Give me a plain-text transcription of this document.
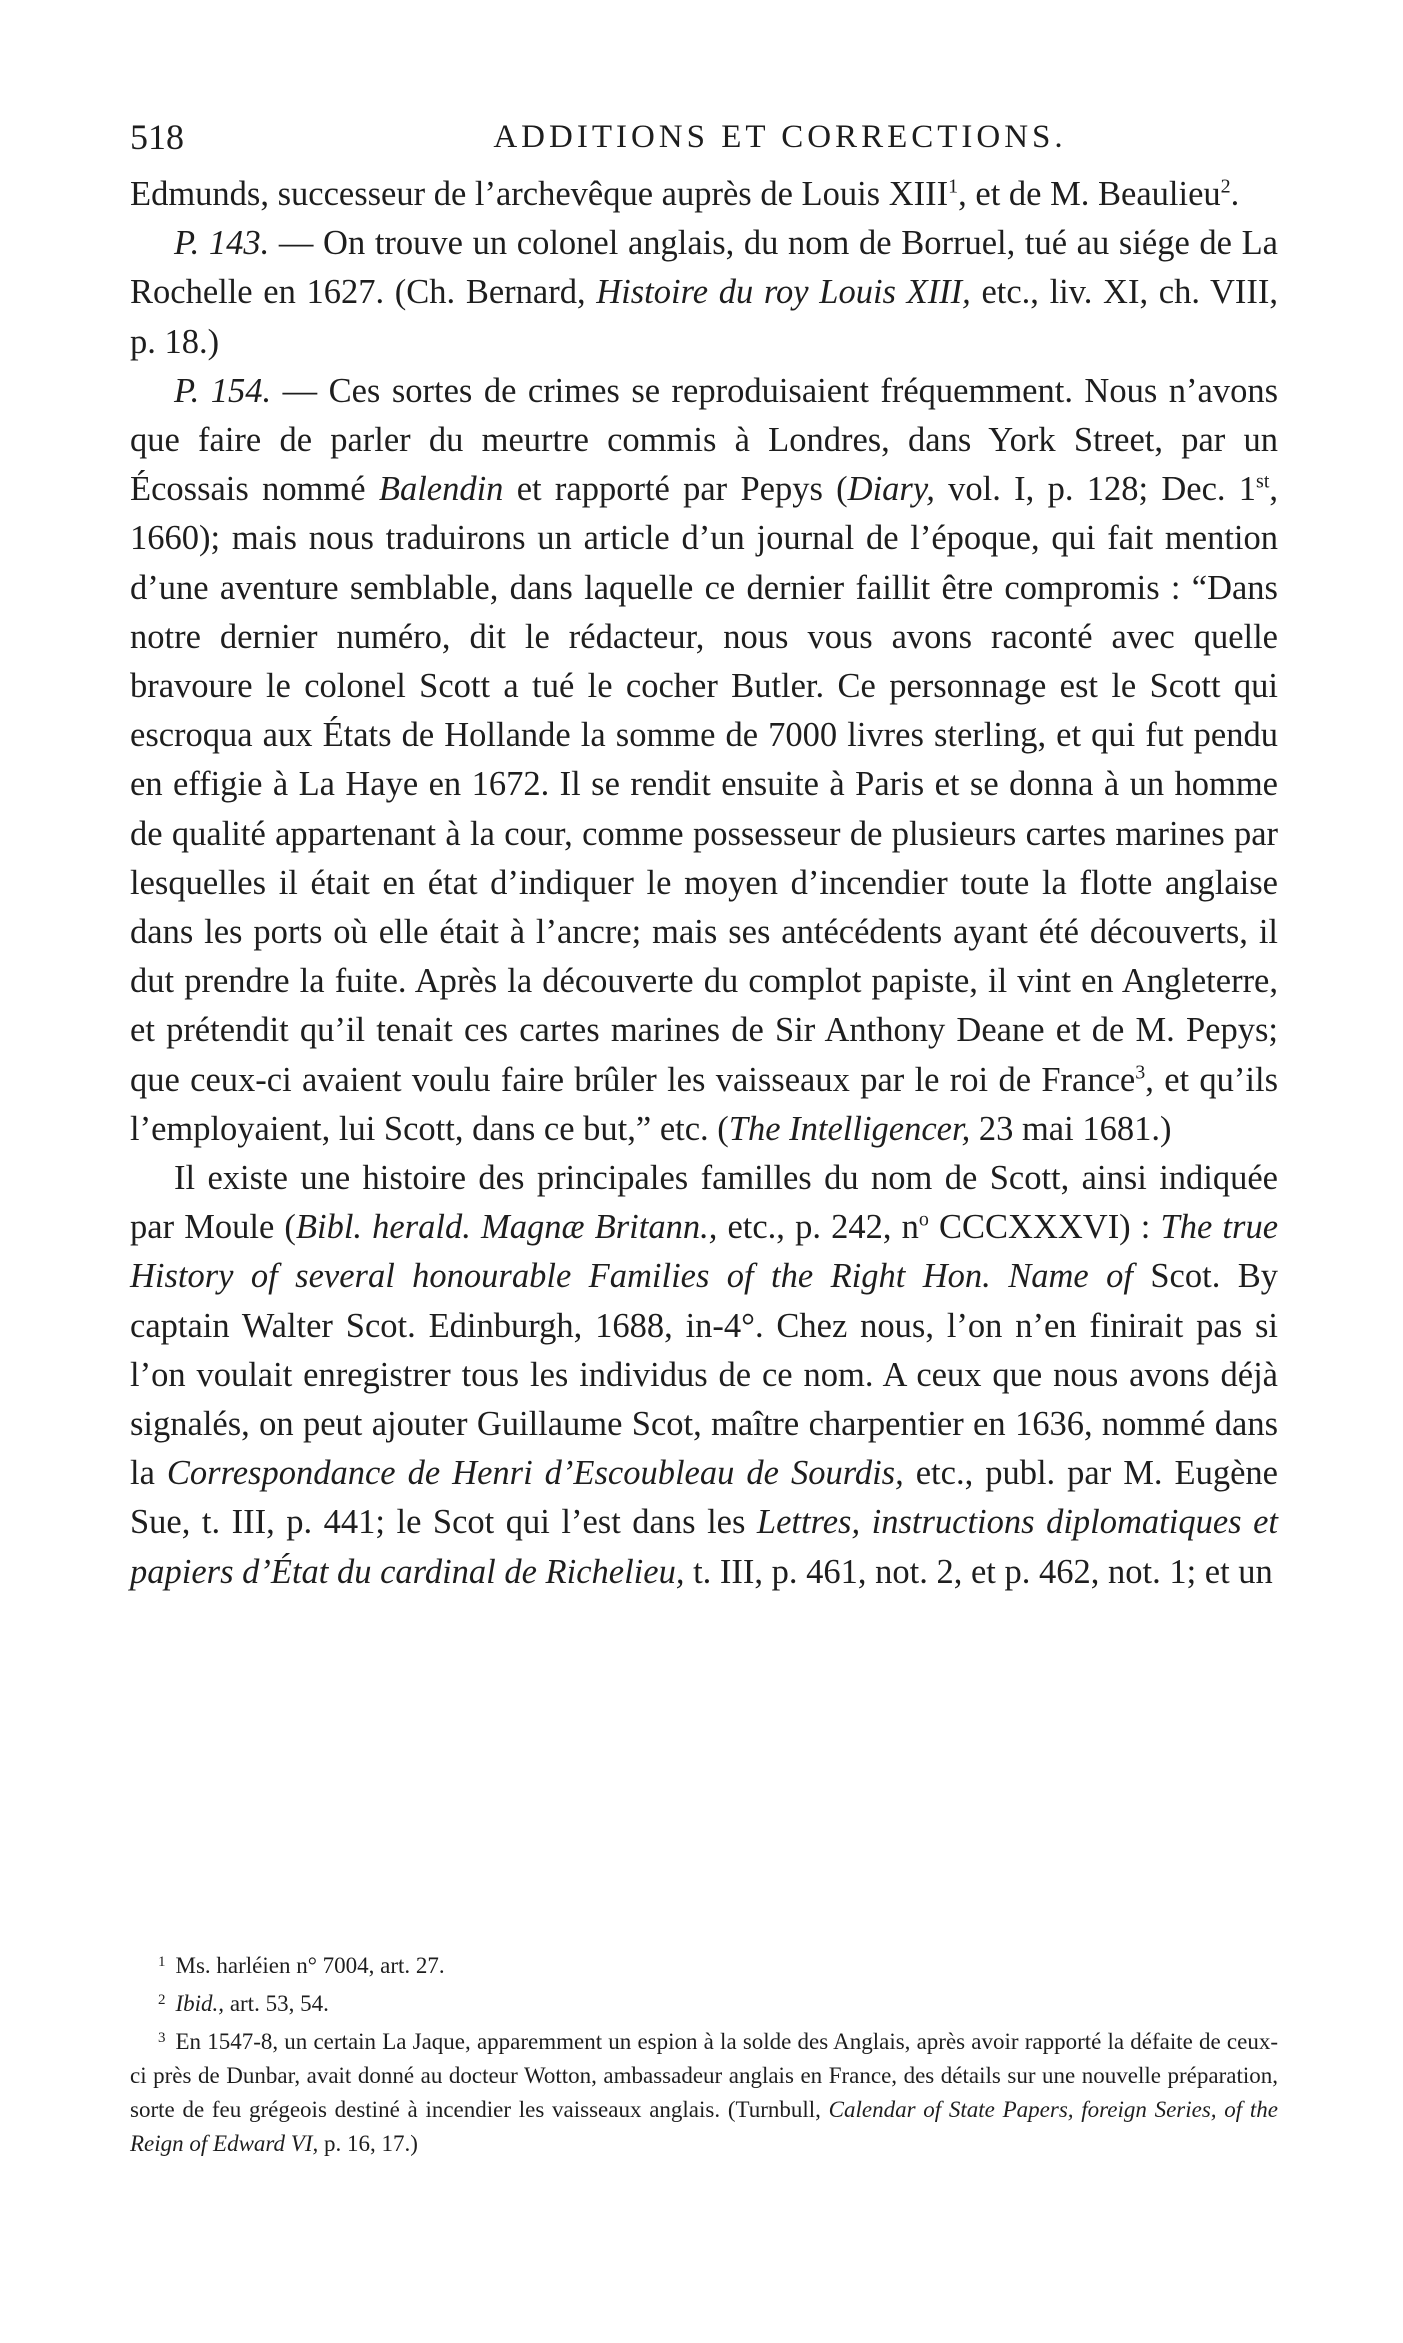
518	ADDITIONS ET CORRECTIONS.

Edmunds, successeur de l’archevêque auprès de Louis XIII$^1$, et de M. Beaulieu$^2$.

P. 143. — On trouve un colonel anglais, du nom de Borruel, tué au siége de La Rochelle en 1627. (Ch. Bernard, Histoire du roy Louis XIII, etc., liv. XI, ch. VIII, p. 18.)

P. 154. — Ces sortes de crimes se reproduisaient fréquemment. Nous n’avons que faire de parler du meurtre commis à Londres, dans York Street, par un Écossais nommé Balendin et rapporté par Pepys (Diary, vol. I, p. 128; Dec. 1st, 1660); mais nous traduirons un article d’un journal de l’époque, qui fait mention d’une aventure semblable, dans laquelle ce dernier faillit être compromis : “Dans notre dernier numéro, dit le rédacteur, nous vous avons raconté avec quelle bravoure le colonel Scott a tué le cocher Butler. Ce personnage est le Scott qui escroqua aux États de Hollande la somme de 7000 livres sterling, et qui fut pendu en effigie à La Haye en 1672. Il se rendit ensuite à Paris et se donna à un homme de qualité appartenant à la cour, comme possesseur de plusieurs cartes marines par lesquelles il était en état d’indiquer le moyen d’incendier toute la flotte anglaise dans les ports où elle était à l’ancre; mais ses antécédents ayant été découverts, il dut prendre la fuite. Après la découverte du complot papiste, il vint en Angleterre, et prétendit qu’il tenait ces cartes marines de Sir Anthony Deane et de M. Pepys; que ceux-ci avaient voulu faire brûler les vaisseaux par le roi de France$^3$, et qu’ils l’employaient, lui Scott, dans ce but,” etc. (The Intelligencer, 23 mai 1681.)

Il existe une histoire des principales familles du nom de Scott, ainsi indiquée par Moule (Bibl. herald. Magnæ Britann., etc., p. 242, $n^o$ CCCXXXVI) : The true History of several honourable Families of the Right Hon. Name of Scot. By captain Walter Scot. Edinburgh, 1688, in-4°. Chez nous, l’on n’en finirait pas si l’on voulait enregistrer tous les individus de ce nom. A ceux que nous avons déjà signalés, on peut ajouter Guillaume Scot, maître charpentier en 1636, nommé dans la Correspondance de Henri d’Escoubleau de Sourdis, etc., publ. par M. Eugène Sue, t. III, p. 441; le Scot qui l’est dans les Lettres, instructions diplomatiques et papiers d’État du cardinal de Richelieu, t. III, p. 461, not. 2, et p. 462, not. 1; et un

$^1$ Ms. harléien n° 7004, art. 27.

$^2$ Ibid., art. 53, 54.

$^3$ En 1547-8, un certain La Jaque, apparemment un espion à la solde des Anglais, après avoir rapporté la défaite de ceux-ci près de Dunbar, avait donné au docteur Wotton, ambassadeur anglais en France, des détails sur une nouvelle préparation, sorte de feu grégeois destiné à incendier les vaisseaux anglais. (Turnbull, Calendar of State Papers, foreign Series, of the Reign of Edward VI, p. 16, 17.)
